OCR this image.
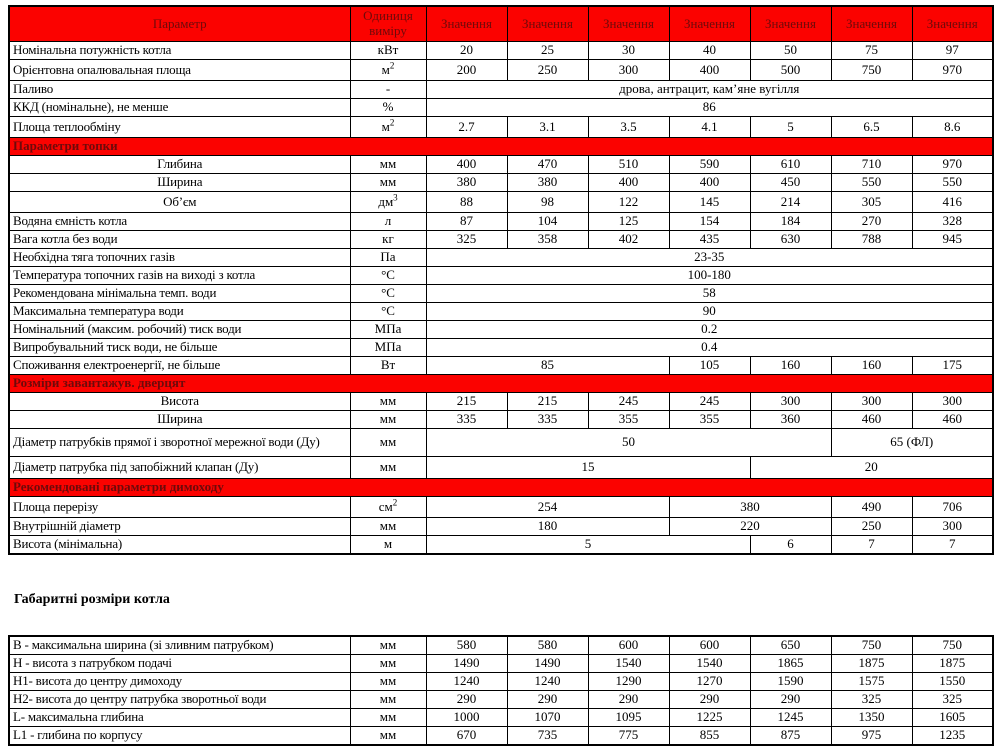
Параметр	Одиниця виміру	Значення	Значення	Значення	Значення	Значення	Значення	Значення
Номінальна потужність котла	кВт	20	25	30	40	50	75	97
Орієнтовна опалювальная площа	$м^2$	200	250	300	400	500	750	970
Паливо	-	дрова, антрацит, кам’яне вугілля						
ККД (номінальне), не менше	%	86						
Площа теплообміну	$м^2$	2.7	3.1	3.5	4.1	5	6.5	8.6
Параметри топки								
Глибина	мм	400	470	510	590	610	710	970
Ширина	мм	380	380	400	400	450	550	550
Об’єм	$дм^3$	88	98	122	145	214	305	416
Водяна ємність котла	л	87	104	125	154	184	270	328
Вага котла без води	кг	325	358	402	435	630	788	945
Необхідна тяга топочних газів	Па	23-35						
Температура топочних газів на виході з котла	°С	100-180						
Рекомендована мінімальна темп. води	°С	58						
Максимальна температура води	°С	90						
Номінальний (максим. робочий) тиск води	МПа	0.2						
Випробувальний тиск води, не більше	МПа	0.4						
Споживання електроенергії, не більше	Вт	85			105	160	160	175
Розміри завантажув. дверцят								
Висота	мм	215	215	245	245	300	300	300
Ширина	мм	335	335	355	355	360	460	460
Діаметр патрубків прямої і зворотної мережної води (Ду)	мм	50					65 (ФЛ)	
Діаметр патрубка під запобіжний клапан (Ду)	мм	15				20		
Рекомендовані параметри димоходу								
Площа перерізу	$см^2$	254			380		490	706
Внутрішній діаметр	мм	180			220		250	300
Висота (мінімальна)	м	5				6	7	7
Габаритні розміри котла
B - максимальна ширина (зі зливним патрубком)	мм	580	580	600	600	650	750	750
H - висота з патрубком подачі	мм	1490	1490	1540	1540	1865	1875	1875
H1- висота до центру димоходу	мм	1240	1240	1290	1270	1590	1575	1550
H2- висота до центру патрубка зворотньої води	мм	290	290	290	290	290	325	325
L- максимальна глибина	мм	1000	1070	1095	1225	1245	1350	1605
L1 - глибина по корпусу	мм	670	735	775	855	875	975	1235
